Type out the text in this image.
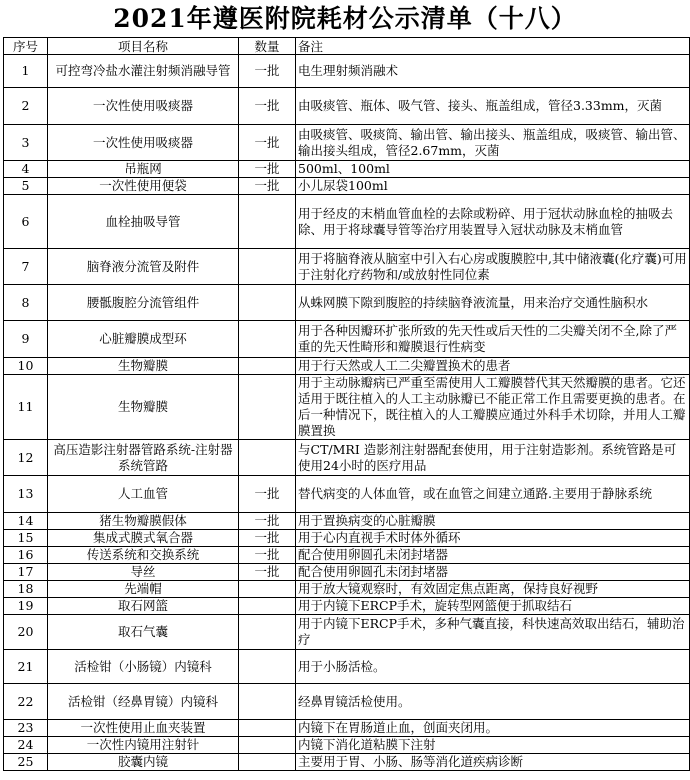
2021年遵医附院耗材公示清单（十八）
序号	项目名称	数量	备注
1	可控弯冷盐水灌注射频消融导管	一批	电生理射频消融术
2	一次性使用吸痰器	一批	由吸痰管、瓶体、吸气管、接头、瓶盖组成，管径3.33mm，灭菌
3	一次性使用吸痰器	一批	由吸痰管、吸痰筒、输出管、输出接头、瓶盖组成，吸痰管、输出管、输出接头组成，管径2.67mm，灭菌
4	吊瓶网	一批	500ml、100ml
5	一次性使用便袋	一批	小儿尿袋100ml
6	血栓抽吸导管		用于经皮的末梢血管血栓的去除或粉碎、用于冠状动脉血栓的抽吸去除、用于将球囊导管等治疗用装置导入冠状动脉及末梢血管
7	脑脊液分流管及附件		用于将脑脊液从脑室中引入右心房或腹膜腔中,其中储液囊(化疗囊)可用于注射化疗药物和/或放射性同位素
8	腰骶腹腔分流管组件		从蛛网膜下隙到腹腔的持续脑脊液流量，用来治疗交通性脑积水
9	心脏瓣膜成型环		用于各种因瓣环扩张所致的先天性或后天性的二尖瓣关闭不全,除了严重的先天性畸形和瓣膜退行性病变
10	生物瓣膜		用于行天然或人工二尖瓣置换术的患者
11	生物瓣膜		用于主动脉瓣病已严重至需使用人工瓣膜替代其天然瓣膜的患者。它还适用于既往植入的人工主动脉瓣已不能正常工作且需要更换的患者。在后一种情况下，既往植入的人工瓣膜应通过外科手术切除，并用人工瓣膜置换
12	高压造影注射器管路系统-注射器系统管路		与CT/MRI 造影剂注射器配套使用，用于注射造影剂。系统管路是可使用24小时的医疗用品
13	人工血管	一批	替代病变的人体血管，或在血管之间建立通路.主要用于静脉系统
14	猪生物瓣膜假体	一批	用于置换病变的心脏瓣膜
15	集成式膜式氧合器	一批	用于心内直视手术时体外循环
16	传送系统和交换系统	一批	配合使用卵圆孔未闭封堵器
17	导丝	一批	配合使用卵圆孔未闭封堵器
18	先端帽		用于放大镜观察时，有效固定焦点距离，保持良好视野
19	取石网篮		用于内镜下ERCP手术，旋转型网篮便于抓取结石
20	取石气囊		用于内镜下ERCP手术，多种气囊直接，科快速高效取出结石，辅助治疗
21	活检钳（小肠镜）内镜科		用于小肠活检。
22	活检钳（经鼻胃镜）内镜科		经鼻胃镜活检使用。
23	一次性使用止血夹装置		内镜下在胃肠道止血，创面夹闭用。
24	一次性内镜用注射针		内镜下消化道粘膜下注射
25	胶囊内镜		主要用于胃、小肠、肠等消化道疾病诊断
